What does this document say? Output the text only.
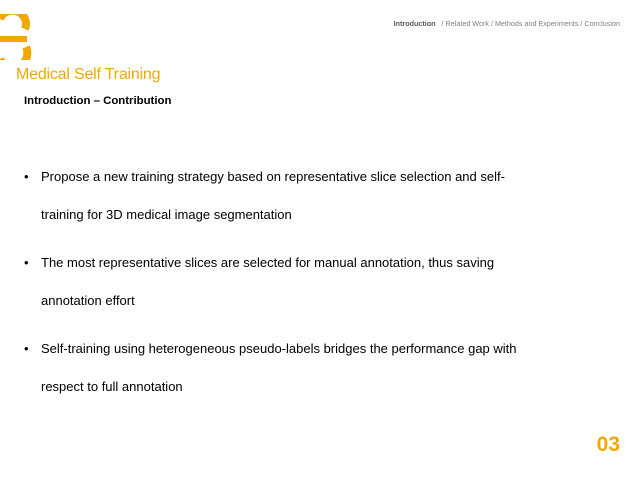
Introduction / Related Work / Methods and Experiments / Conclusion
Medical Self Training
Introduction – Contribution
• Propose a new training strategy based on representative slice selection and self-
training for 3D medical image segmentation
• The most representative slices are selected for manual annotation, thus saving
annotation effort
• Self-training using heterogeneous pseudo-labels bridges the performance gap with
respect to full annotation
03
